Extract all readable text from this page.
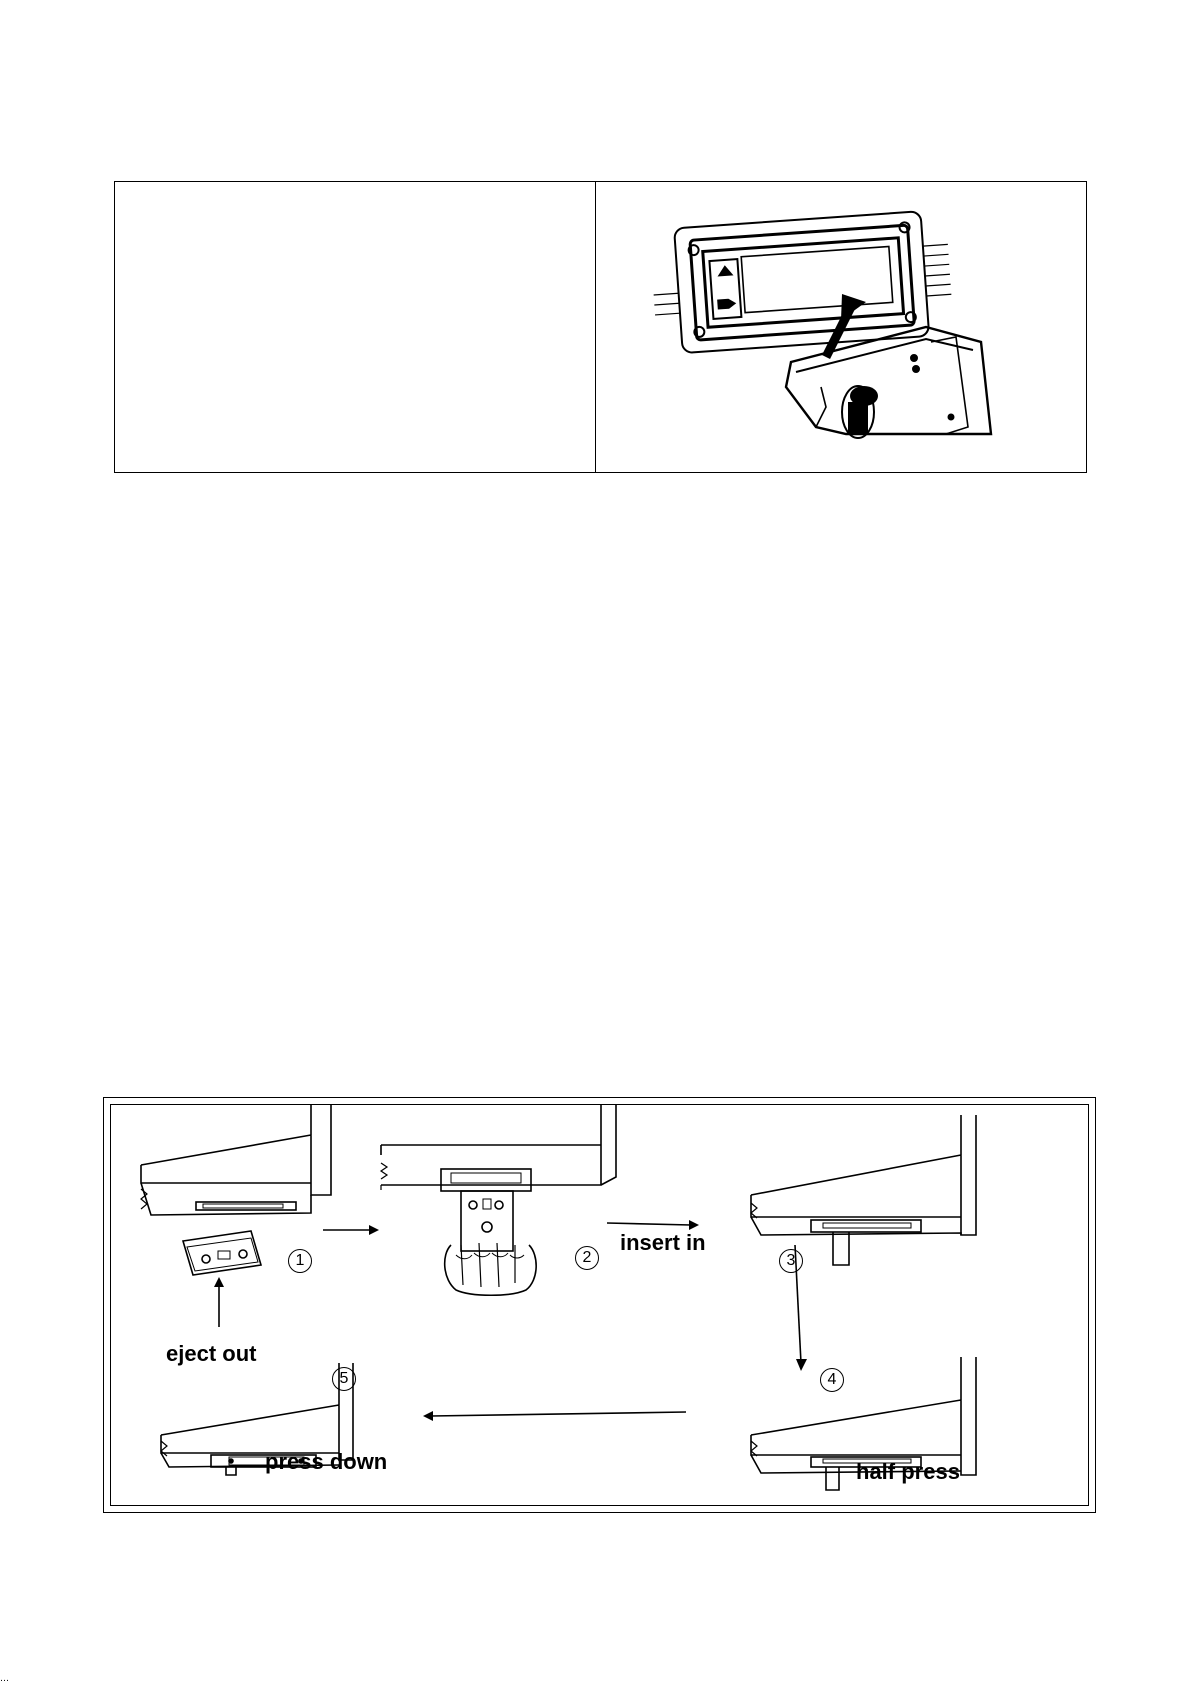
1	2	3
4
5
insert in
eject out
press down	half press
…
